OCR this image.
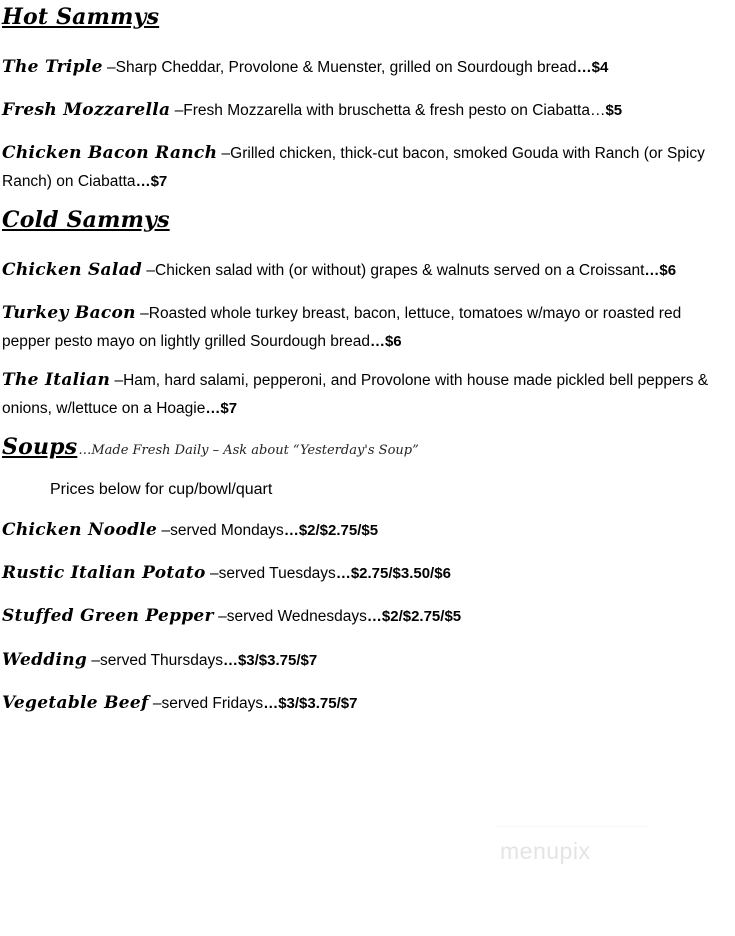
Hot Sammys
The Triple –Sharp Cheddar, Provolone & Muenster, grilled on Sourdough bread…$4
Fresh Mozzarella –Fresh Mozzarella with bruschetta & fresh pesto on Ciabatta…$5
Chicken Bacon Ranch –Grilled chicken, thick-cut bacon, smoked Gouda with Ranch (or Spicy Ranch) on Ciabatta…$7
Cold Sammys
Chicken Salad –Chicken salad with (or without) grapes & walnuts served on a Croissant…$6
Turkey Bacon –Roasted whole turkey breast, bacon, lettuce, tomatoes w/mayo or roasted red pepper pesto mayo on lightly grilled Sourdough bread…$6
The Italian –Ham, hard salami, pepperoni, and Provolone with house made pickled bell peppers & onions, w/lettuce on a Hoagie…$7
Soups…Made Fresh Daily – Ask about “Yesterday's Soup”
Prices below for cup/bowl/quart
Chicken Noodle –served Mondays…$2/$2.75/$5
Rustic Italian Potato –served Tuesdays…$2.75/$3.50/$6
Stuffed Green Pepper –served Wednesdays…$2/$2.75/$5
Wedding –served Thursdays…$3/$3.75/$7
Vegetable Beef –served Fridays…$3/$3.75/$7
menupix
